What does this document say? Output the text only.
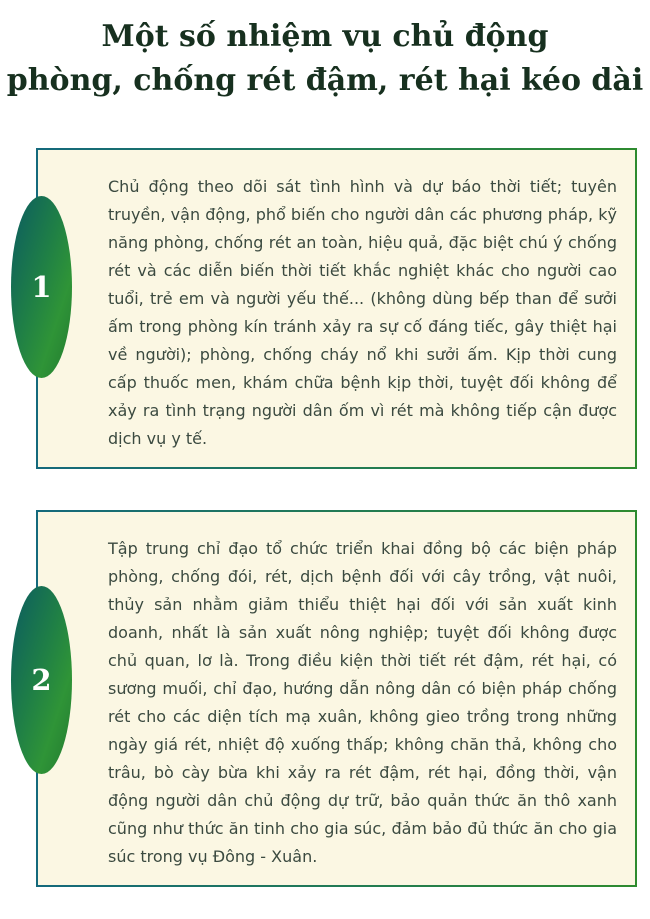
Một số nhiệm vụ chủ động
phòng, chống rét đậm, rét hại kéo dài
1

Chủ động theo dõi sát tình hình và dự báo thời tiết; tuyên truyền, vận động, phổ biến cho người dân các phương pháp, kỹ năng phòng, chống rét an toàn, hiệu quả, đặc biệt chú ý chống rét và các diễn biến thời tiết khắc nghiệt khác cho người cao tuổi, trẻ em và người yếu thế... (không dùng bếp than để sưởi ấm trong phòng kín tránh xảy ra sự cố đáng tiếc, gây thiệt hại về người); phòng, chống cháy nổ khi sưởi ấm. Kịp thời cung cấp thuốc men, khám chữa bệnh kịp thời, tuyệt đối không để xảy ra tình trạng người dân ốm vì rét mà không tiếp cận được dịch vụ y tế.

2

Tập trung chỉ đạo tổ chức triển khai đồng bộ các biện pháp phòng, chống đói, rét, dịch bệnh đối với cây trồng, vật nuôi, thủy sản nhằm giảm thiểu thiệt hại đối với sản xuất kinh doanh, nhất là sản xuất nông nghiệp; tuyệt đối không được chủ quan, lơ là. Trong điều kiện thời tiết rét đậm, rét hại, có sương muối, chỉ đạo, hướng dẫn nông dân có biện pháp chống rét cho các diện tích mạ xuân, không gieo trồng trong những ngày giá rét, nhiệt độ xuống thấp; không chăn thả, không cho trâu, bò cày bừa khi xảy ra rét đậm, rét hại, đồng thời, vận động người dân chủ động dự trữ, bảo quản thức ăn thô xanh cũng như thức ăn tinh cho gia súc, đảm bảo đủ thức ăn cho gia súc trong vụ Đông - Xuân.
